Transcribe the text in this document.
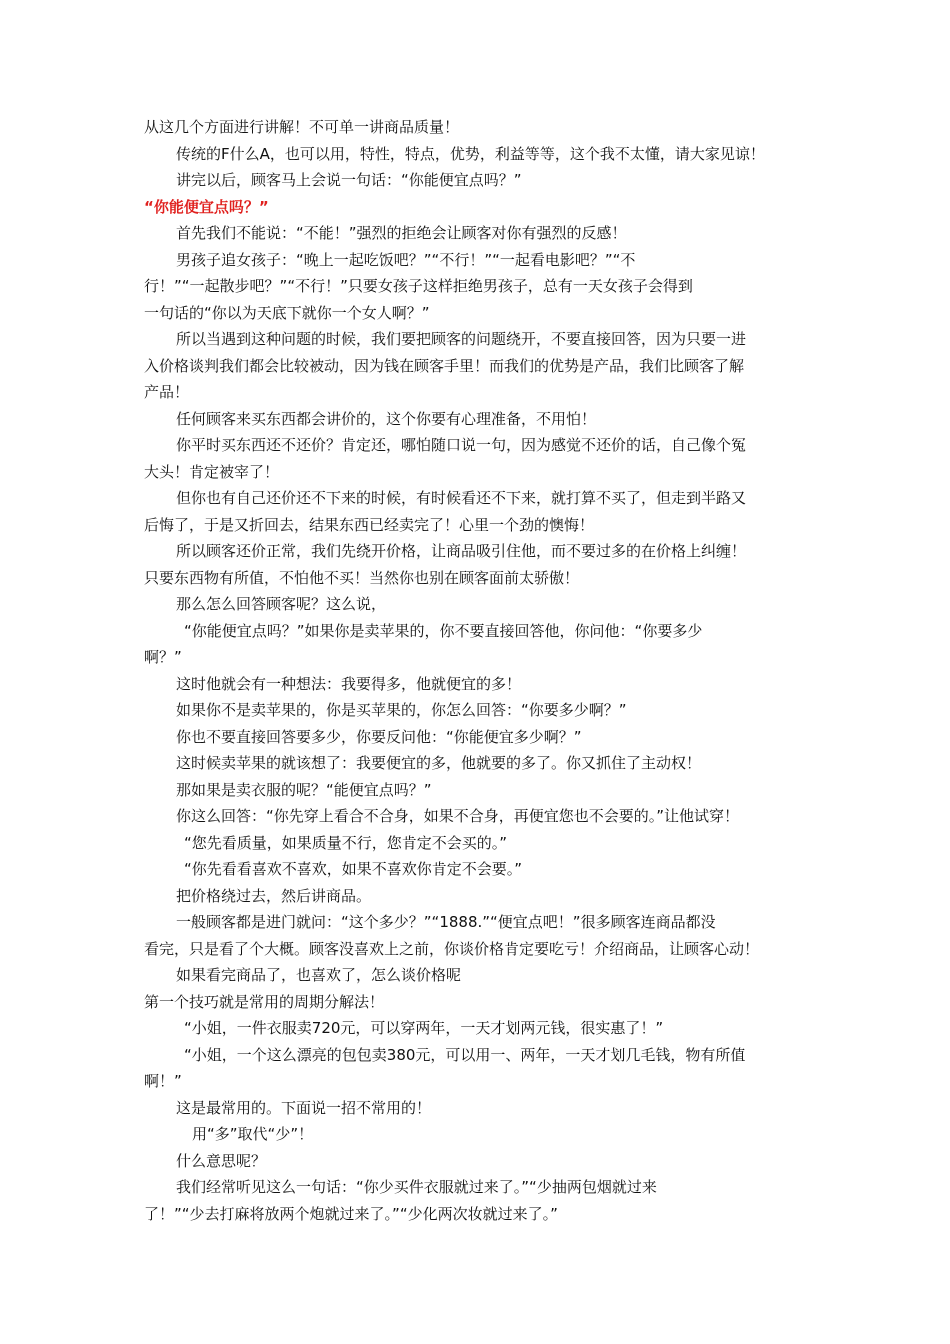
从这几个方面进行讲解！不可单一讲商品质量！

传统的F什么A，也可以用，特性，特点，优势，利益等等，这个我不太懂，请大家见谅！

讲完以后，顾客马上会说一句话：“你能便宜点吗？”

“你能便宜点吗？”

首先我们不能说：“不能！”强烈的拒绝会让顾客对你有强烈的反感！

男孩子追女孩子：“晚上一起吃饭吧？”“不行！”“一起看电影吧？”“不

行！”“一起散步吧？”“不行！”只要女孩子这样拒绝男孩子，总有一天女孩子会得到

一句话的“你以为天底下就你一个女人啊？”

所以当遇到这种问题的时候，我们要把顾客的问题绕开，不要直接回答，因为只要一进

入价格谈判我们都会比较被动，因为钱在顾客手里！而我们的优势是产品，我们比顾客了解

产品！

任何顾客来买东西都会讲价的，这个你要有心理准备，不用怕！

你平时买东西还不还价？肯定还，哪怕随口说一句，因为感觉不还价的话，自己像个冤

大头！肯定被宰了！

但你也有自己还价还不下来的时候，有时候看还不下来，就打算不买了，但走到半路又

后悔了，于是又折回去，结果东西已经卖完了！心里一个劲的懊悔！

所以顾客还价正常，我们先绕开价格，让商品吸引住他，而不要过多的在价格上纠缠！

只要东西物有所值，不怕他不买！当然你也别在顾客面前太骄傲！

那么怎么回答顾客呢？这么说，

“你能便宜点吗？”如果你是卖苹果的，你不要直接回答他，你问他：“你要多少

啊？”

这时他就会有一种想法：我要得多，他就便宜的多！

如果你不是卖苹果的，你是买苹果的，你怎么回答：“你要多少啊？”

你也不要直接回答要多少，你要反问他：“你能便宜多少啊？”

这时候卖苹果的就该想了：我要便宜的多，他就要的多了。你又抓住了主动权！

那如果是卖衣服的呢？“能便宜点吗？”

你这么回答：“你先穿上看合不合身，如果不合身，再便宜您也不会要的。”让他试穿！

“您先看质量，如果质量不行，您肯定不会买的。”

“你先看看喜欢不喜欢，如果不喜欢你肯定不会要。”

把价格绕过去，然后讲商品。

一般顾客都是进门就问：“这个多少？”“1888.”“便宜点吧！”很多顾客连商品都没

看完，只是看了个大概。顾客没喜欢上之前，你谈价格肯定要吃亏！介绍商品，让顾客心动！

如果看完商品了，也喜欢了，怎么谈价格呢

第一个技巧就是常用的周期分解法！

“小姐，一件衣服卖720元，可以穿两年，一天才划两元钱，很实惠了！”

“小姐，一个这么漂亮的包包卖380元，可以用一、两年，一天才划几毛钱，物有所值

啊！”

这是最常用的。下面说一招不常用的！

用“多”取代“少”！

什么意思呢？

我们经常听见这么一句话：“你少买件衣服就过来了。”“少抽两包烟就过来

了！”“少去打麻将放两个炮就过来了。”“少化两次妆就过来了。”
